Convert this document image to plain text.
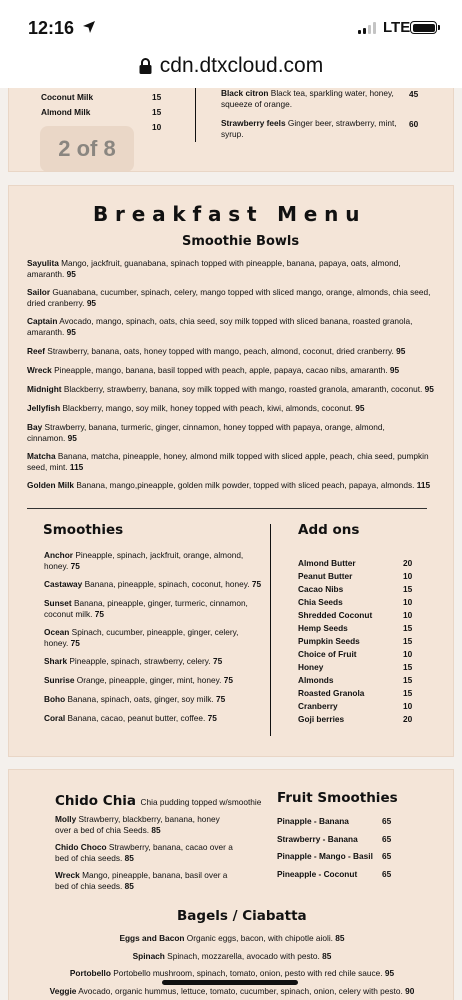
12:16	LTE
cdn.dtxcloud.com
Coconut Milk	15
Almond Milk	15
10
Black citron Black tea, sparkling water, honey,
squeeze of orange.
45
Strawberry feels Ginger beer, strawberry, mint,
syrup.
60
2 of 8
Breakfast Menu
Smoothie Bowls
Sayulita Mango, jackfruit, guanabana, spinach topped with pineapple, banana, papaya, oats, almond,
amaranth. 95
Sailor Guanabana, cucumber, spinach, celery, mango topped with sliced mango, orange, almonds, chia seed,
dried cranberry. 95
Captain Avocado, mango, spinach, oats, chia seed, soy milk topped with sliced banana, roasted granola,
amaranth. 95
Reef Strawberry, banana, oats, honey topped with mango, peach, almond, coconut, dried cranberry. 95
Wreck Pineapple, mango, banana, basil topped with peach, apple, papaya, cacao nibs, amaranth. 95
Midnight Blackberry, strawberry, banana, soy milk topped with mango, roasted granola, amaranth, coconut. 95
Jellyfish Blackberry, mango, soy milk, honey topped with peach, kiwi, almonds, coconut. 95
Bay Strawberry, banana, turmeric, ginger, cinnamon, honey topped with papaya, orange, almond,
cinnamon. 95
Matcha Banana, matcha, pineapple, honey, almond milk topped with sliced apple, peach, chia seed, pumpkin
seed, mint. 115
Golden Milk Banana, mango,pineapple, golden milk powder, topped with sliced peach, papaya, almonds. 115
Smoothies
Anchor Pineapple, spinach, jackfruit, orange, almond,
honey. 75
Castaway Banana, pineapple, spinach, coconut, honey. 75
Sunset Banana, pineapple, ginger, turmeric, cinnamon,
coconut milk. 75
Ocean Spinach, cucumber, pineapple, ginger, celery,
honey. 75
Shark Pineapple, spinach, strawberry, celery. 75
Sunrise Orange, pineapple, ginger, mint, honey. 75
Boho Banana, spinach, oats, ginger, soy milk. 75
Coral Banana, cacao, peanut butter, coffee. 75
Add ons
Almond Butter	20
Peanut Butter	10
Cacao Nibs	15
Chia Seeds	10
Shredded Coconut	10
Hemp Seeds	15
Pumpkin Seeds	15
Choice of Fruit	10
Honey	15
Almonds	15
Roasted Granola	15
Cranberry	10
Goji berries	20
Chido Chia Chia pudding topped w/smoothie
Molly Strawberry, blackberry, banana, honey
over a bed of chia Seeds. 85
Chido Choco Strawberry, banana, cacao over a
bed of chia seeds. 85
Wreck Mango, pineapple, banana, basil over a
bed of chia seeds. 85
Fruit Smoothies
Pinapple - Banana	65
Strawberry - Banana	65
Pinapple - Mango - Basil 65
Pineapple - Coconut	65
Bagels / Ciabatta
Eggs and Bacon Organic eggs, bacon, with chipotle aioli. 85
Spinach Spinach, mozzarella, avocado with pesto. 85
Portobello Portobello mushroom, spinach, tomato, onion, pesto with red chile sauce. 95
Veggie Avocado, organic hummus, lettuce, tomato, cucumber, spinach, onion, celery with pesto. 90
